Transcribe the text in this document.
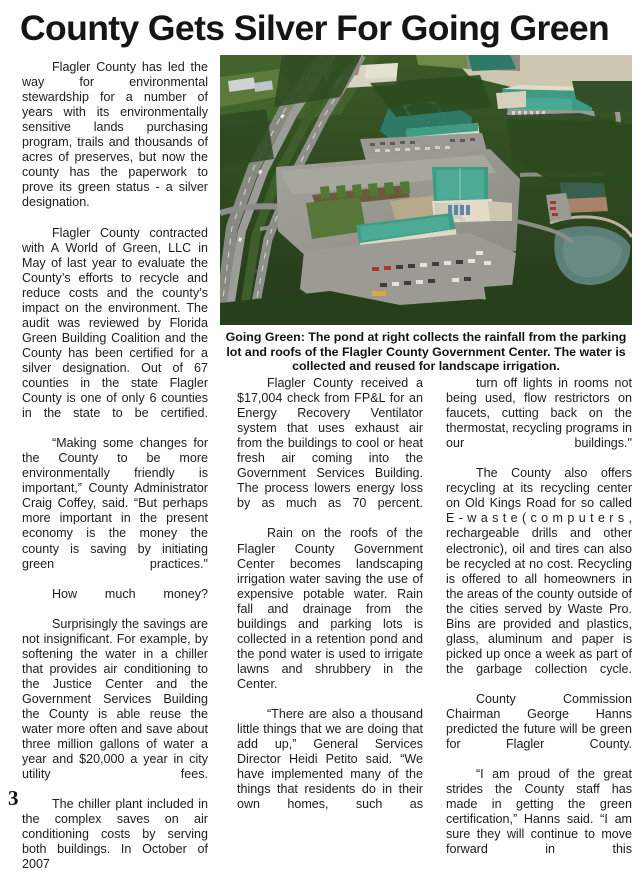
County Gets Silver For Going Green
Going Green: The pond at right collects the rainfall from the parking lot and roofs of the Flagler County Government Center. The water is collected and reused for landscape irrigation.

Flagler County has led the way for environmental stewardship for a number of years with its environmentally sensitive lands purchasing program, trails and thousands of acres of preserves, but now the county has the paperwork to prove its green status - a silver designation.

Flagler County contracted with A World of Green, LLC in May of last year to evaluate the County’s efforts to recycle and reduce costs and the county’s impact on the environment. The audit was reviewed by Florida Green Building Coalition and the County has been certified for a silver designation. Out of 67 counties in the state Flagler County is one of only 6 counties in the state to be certified.

“Making some changes for the County to be more environmentally friendly is important,” County Administrator Craig Coffey, said. “But perhaps more important in the present economy is the money the county is saving by initiating green practices."

How much money?

Surprisingly the savings are not insignificant. For example, by softening the water in a chiller that provides air conditioning to the Justice Center and the Government Services Building the County is able reuse the water more often and save about three million gallons of water a year and $20,000 a year in city utility fees.

The chiller plant included in the complex saves on air conditioning costs by serving both buildings. In October of 2007

Flagler County received a $17,004 check from FP&L for an Energy Recovery Ventilator system that uses exhaust air from the buildings to cool or heat fresh air coming into the Government Services Building. The process lowers energy loss by as much as 70 percent.

Rain on the roofs of the Flagler County Government Center becomes landscaping irrigation water saving the use of expensive potable water. Rain fall and drainage from the buildings and parking lots is collected in a retention pond and the pond water is used to irrigate lawns and shrubbery in the Center.

“There are also a thousand little things that we are doing that add up,” General Services Director Heidi Petito said. “We have implemented many of the things that residents do in their own homes, such as

turn off lights in rooms not being used, flow restrictors on faucets, cutting back on the thermostat, recycling programs in our buildings."

The County also offers recycling at its recycling center on Old Kings Road for so called E - w a s t e ( c o m p u t e r s , rechargeable drills and other electronic), oil and tires can also be recycled at no cost. Recycling is offered to all homeowners in the areas of the county outside of the cities served by Waste Pro. Bins are provided and plastics, glass, aluminum and paper is picked up once a week as part of the garbage collection cycle.

County Commission Chairman George Hanns predicted the future will be green for Flagler County.

“I am proud of the great strides the County staff has made in getting the green certification,” Hanns said. “I am sure they will continue to move forward in this

3
